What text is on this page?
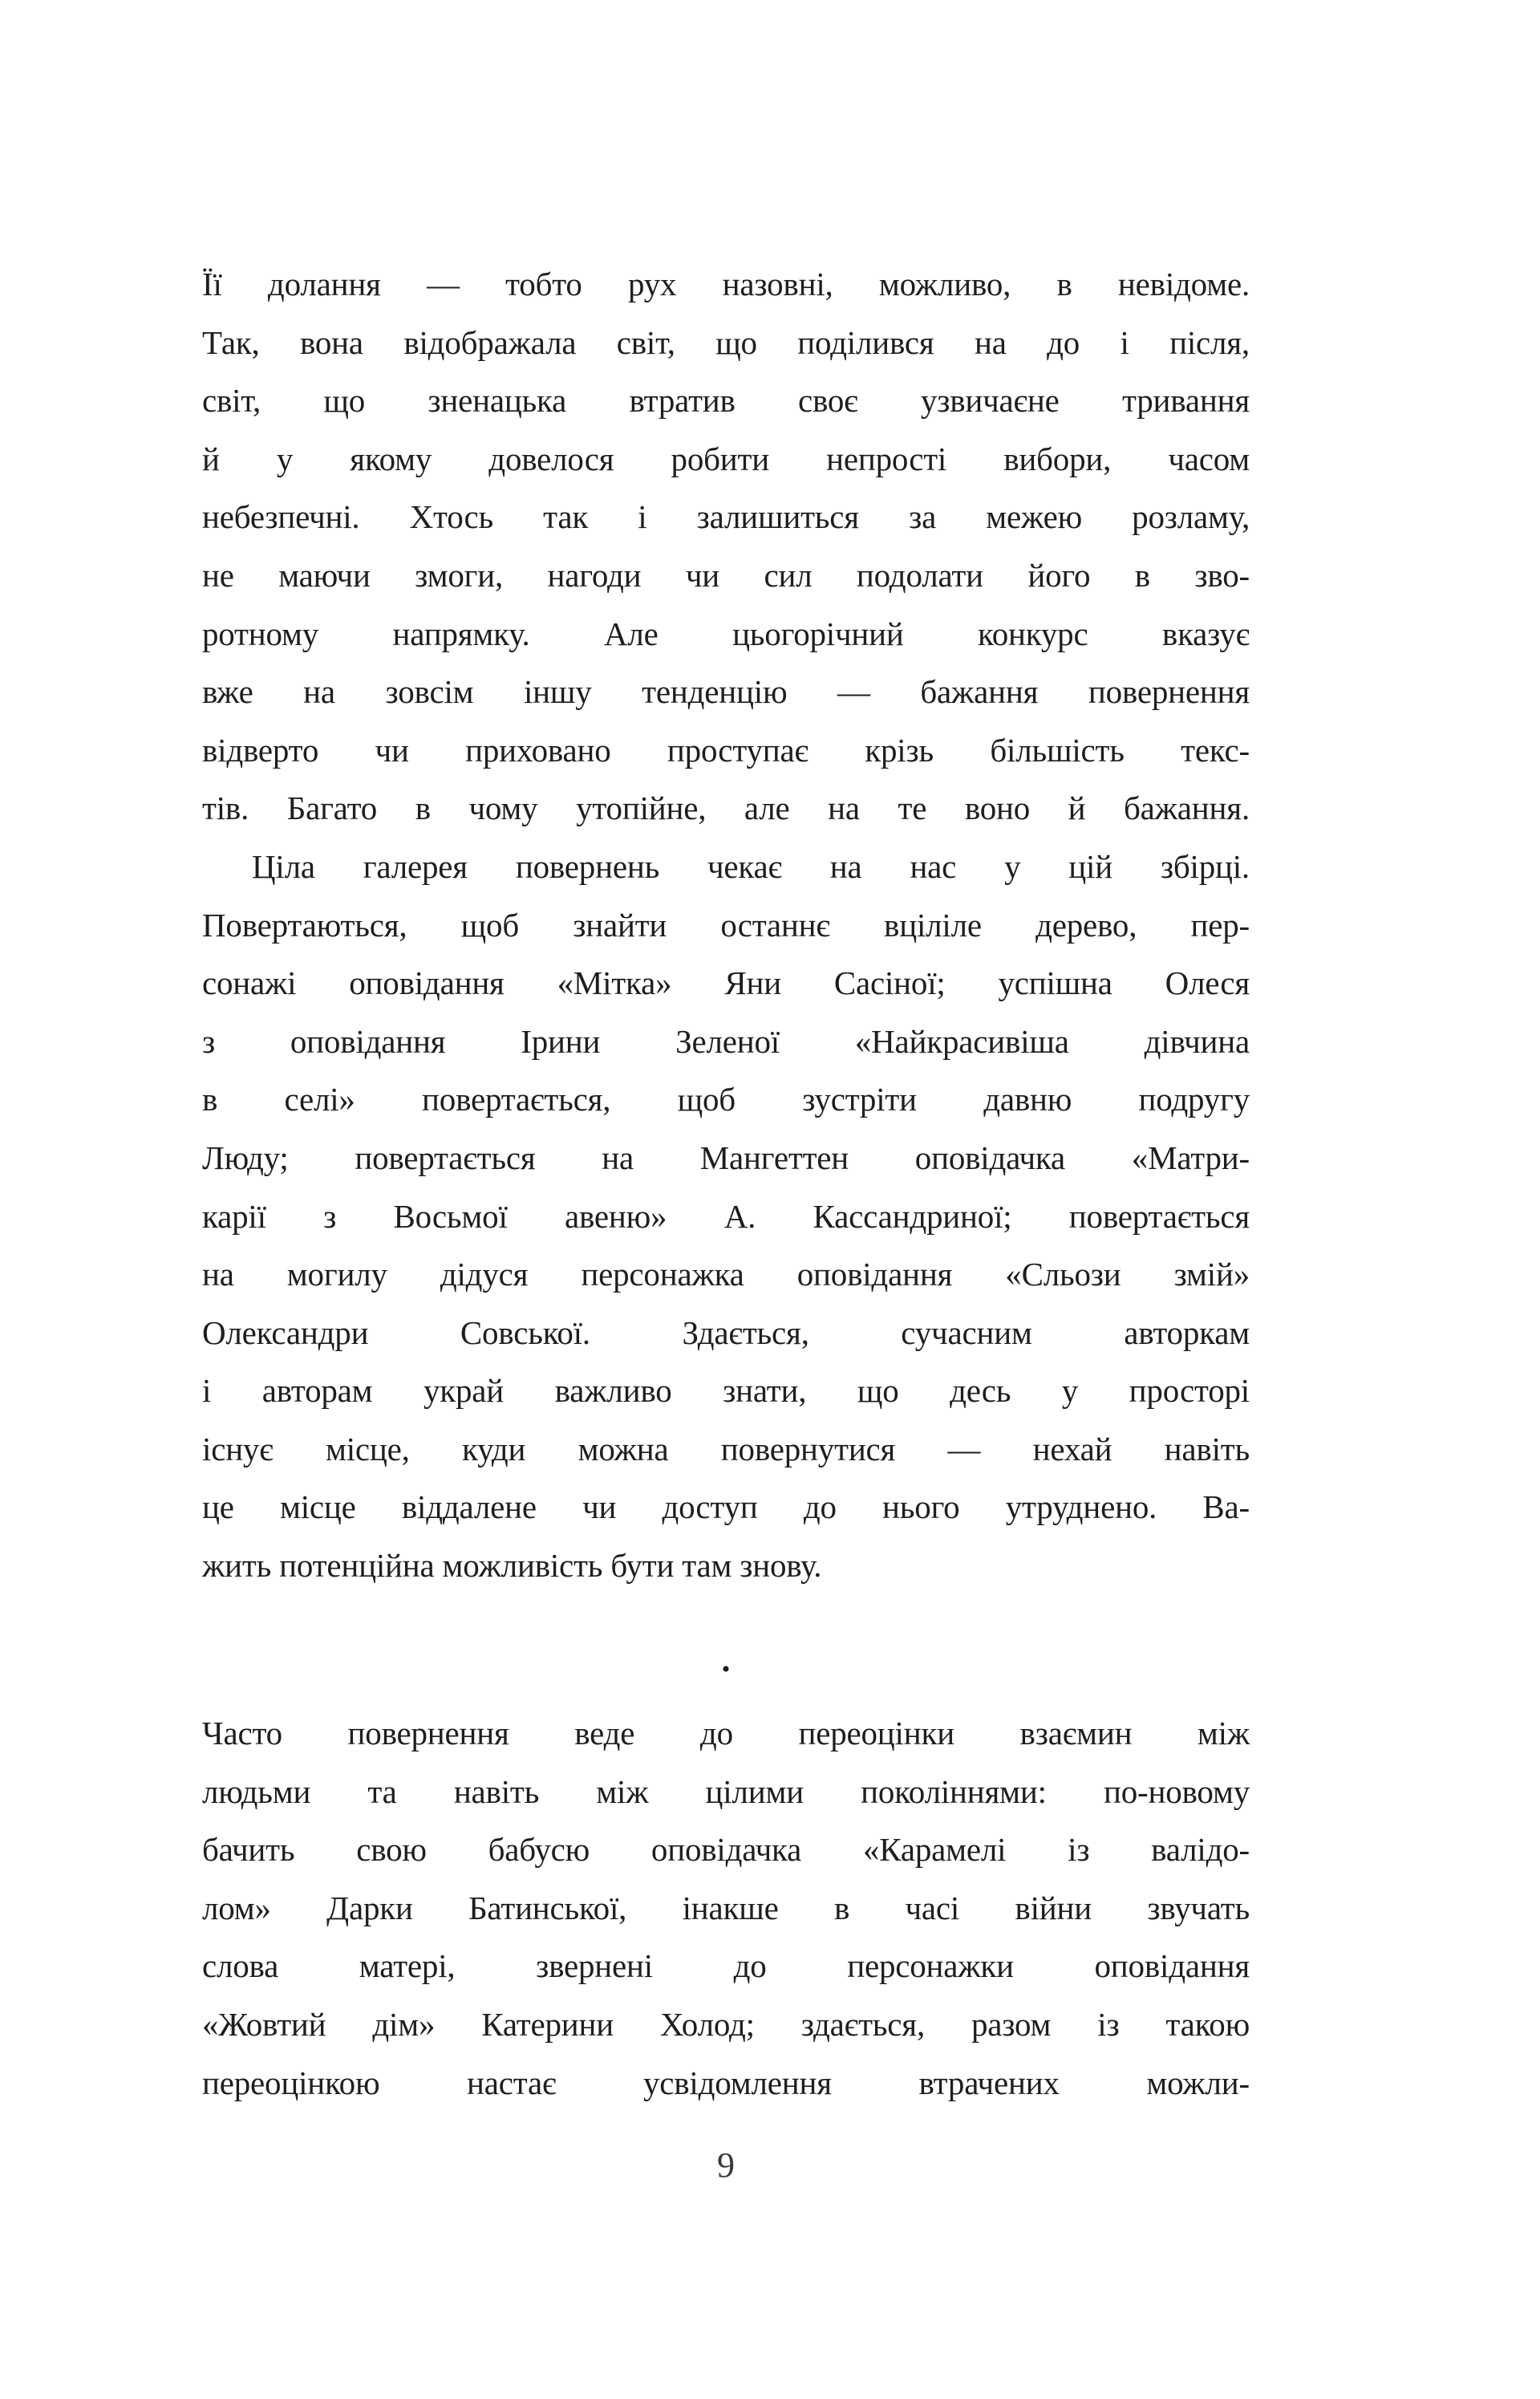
Її долання — тобто рух назовні, можливо, в невідоме.
Так, вона відображала світ, що поділився на до і після,
світ, що зненацька втратив своє узвичаєне тривання
й у якому довелося робити непрості вибори, часом
небезпечні. Хтось так і залишиться за межею розламу,
не маючи змоги, нагоди чи сил подолати його в зво-
ротному напрямку. Але цьогорічний конкурс вказує
вже на зовсім іншу тенденцію — бажання повернення
відверто чи приховано проступає крізь більшість текс-
тів. Багато в чому утопійне, але на те воно й бажання.
Ціла галерея повернень чекає на нас у цій збірці.
Повертаються, щоб знайти останнє вціліле дерево, пер-
сонажі оповідання «Мітка» Яни Сасіної; успішна Олеся
з оповідання Ірини Зеленої «Найкрасивіша дівчина
в селі» повертається, щоб зустріти давню подругу
Люду; повертається на Мангеттен оповідачка «Матри-
карії з Восьмої авеню» А. Кассандриної; повертається
на могилу дідуся персонажка оповідання «Сльози змій»
Олександри Совської. Здається, сучасним авторкам
і авторам украй важливо знати, що десь у просторі
існує місце, куди можна повернутися — нехай навіть
це місце віддалене чи доступ до нього утруднено. Ва-
жить потенційна можливість бути там знову.
•
Часто повернення веде до переоцінки взаємин між
людьми та навіть між цілими поколіннями: по-новому
бачить свою бабусю оповідачка «Карамелі із валідо-
лом» Дарки Батинської, інакше в часі війни звучать
слова матері, звернені до персонажки оповідання
«Жовтий дім» Катерини Холод; здається, разом із такою
переоцінкою настає усвідомлення втрачених можли-
9
